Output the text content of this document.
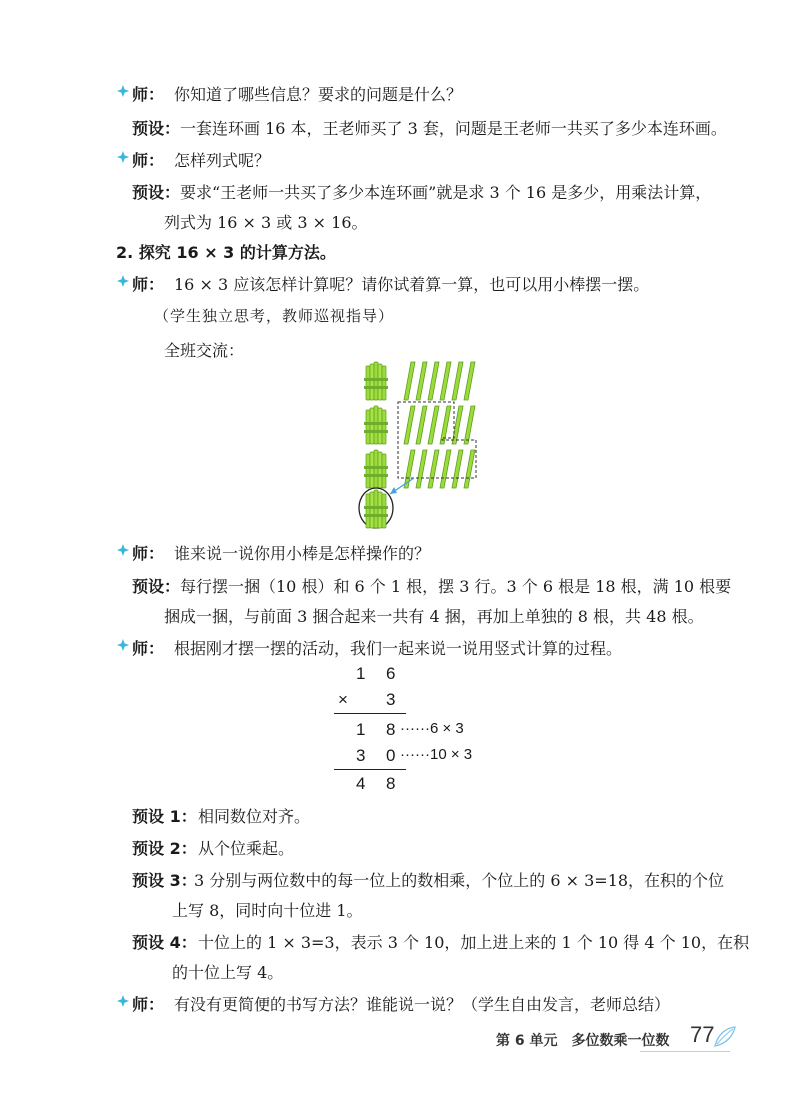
师： 你知道了哪些信息？要求的问题是什么？
预设： 一套连环画 16 本，王老师买了 3 套，问题是王老师一共买了多少本连环画。
师： 怎样列式呢？
预设： 要求“王老师一共买了多少本连环画”就是求 3 个 16 是多少，用乘法计算，
列式为 16 × 3 或 3 × 16。
2. 探究 16 × 3 的计算方法。
师： 16 × 3 应该怎样计算呢？请你试着算一算，也可以用小棒摆一摆。
（学生独立思考，教师巡视指导）
全班交流：
师： 谁来说一说你用小棒是怎样操作的？
预设： 每行摆一捆（10 根）和 6 个 1 根，摆 3 行。3 个 6 根是 18 根，满 10 根要
捆成一捆，与前面 3 捆合起来一共有 4 捆，再加上单独的 8 根，共 48 根。
师： 根据刚才摆一摆的活动，我们一起来说一说用竖式计算的过程。
1 6
× 3
1 8 ······6 × 3
3 0 ······10 × 3
4 8
预设 1： 相同数位对齐。
预设 2： 从个位乘起。
预设 3：
3 分别与两位数中的每一位上的数相乘，个位上的 6 × 3=18，在积的个位
上写 8，同时向十位进 1。
预设 4： 十位上的 1 × 3=3，表示 3 个 10，加上进上来的 1 个 10 得 4 个 10，在积
的十位上写 4。
师： 有没有更简便的书写方法？谁能说一说？（学生自由发言，老师总结）
第 6 单元　多位数乘一位数 77
